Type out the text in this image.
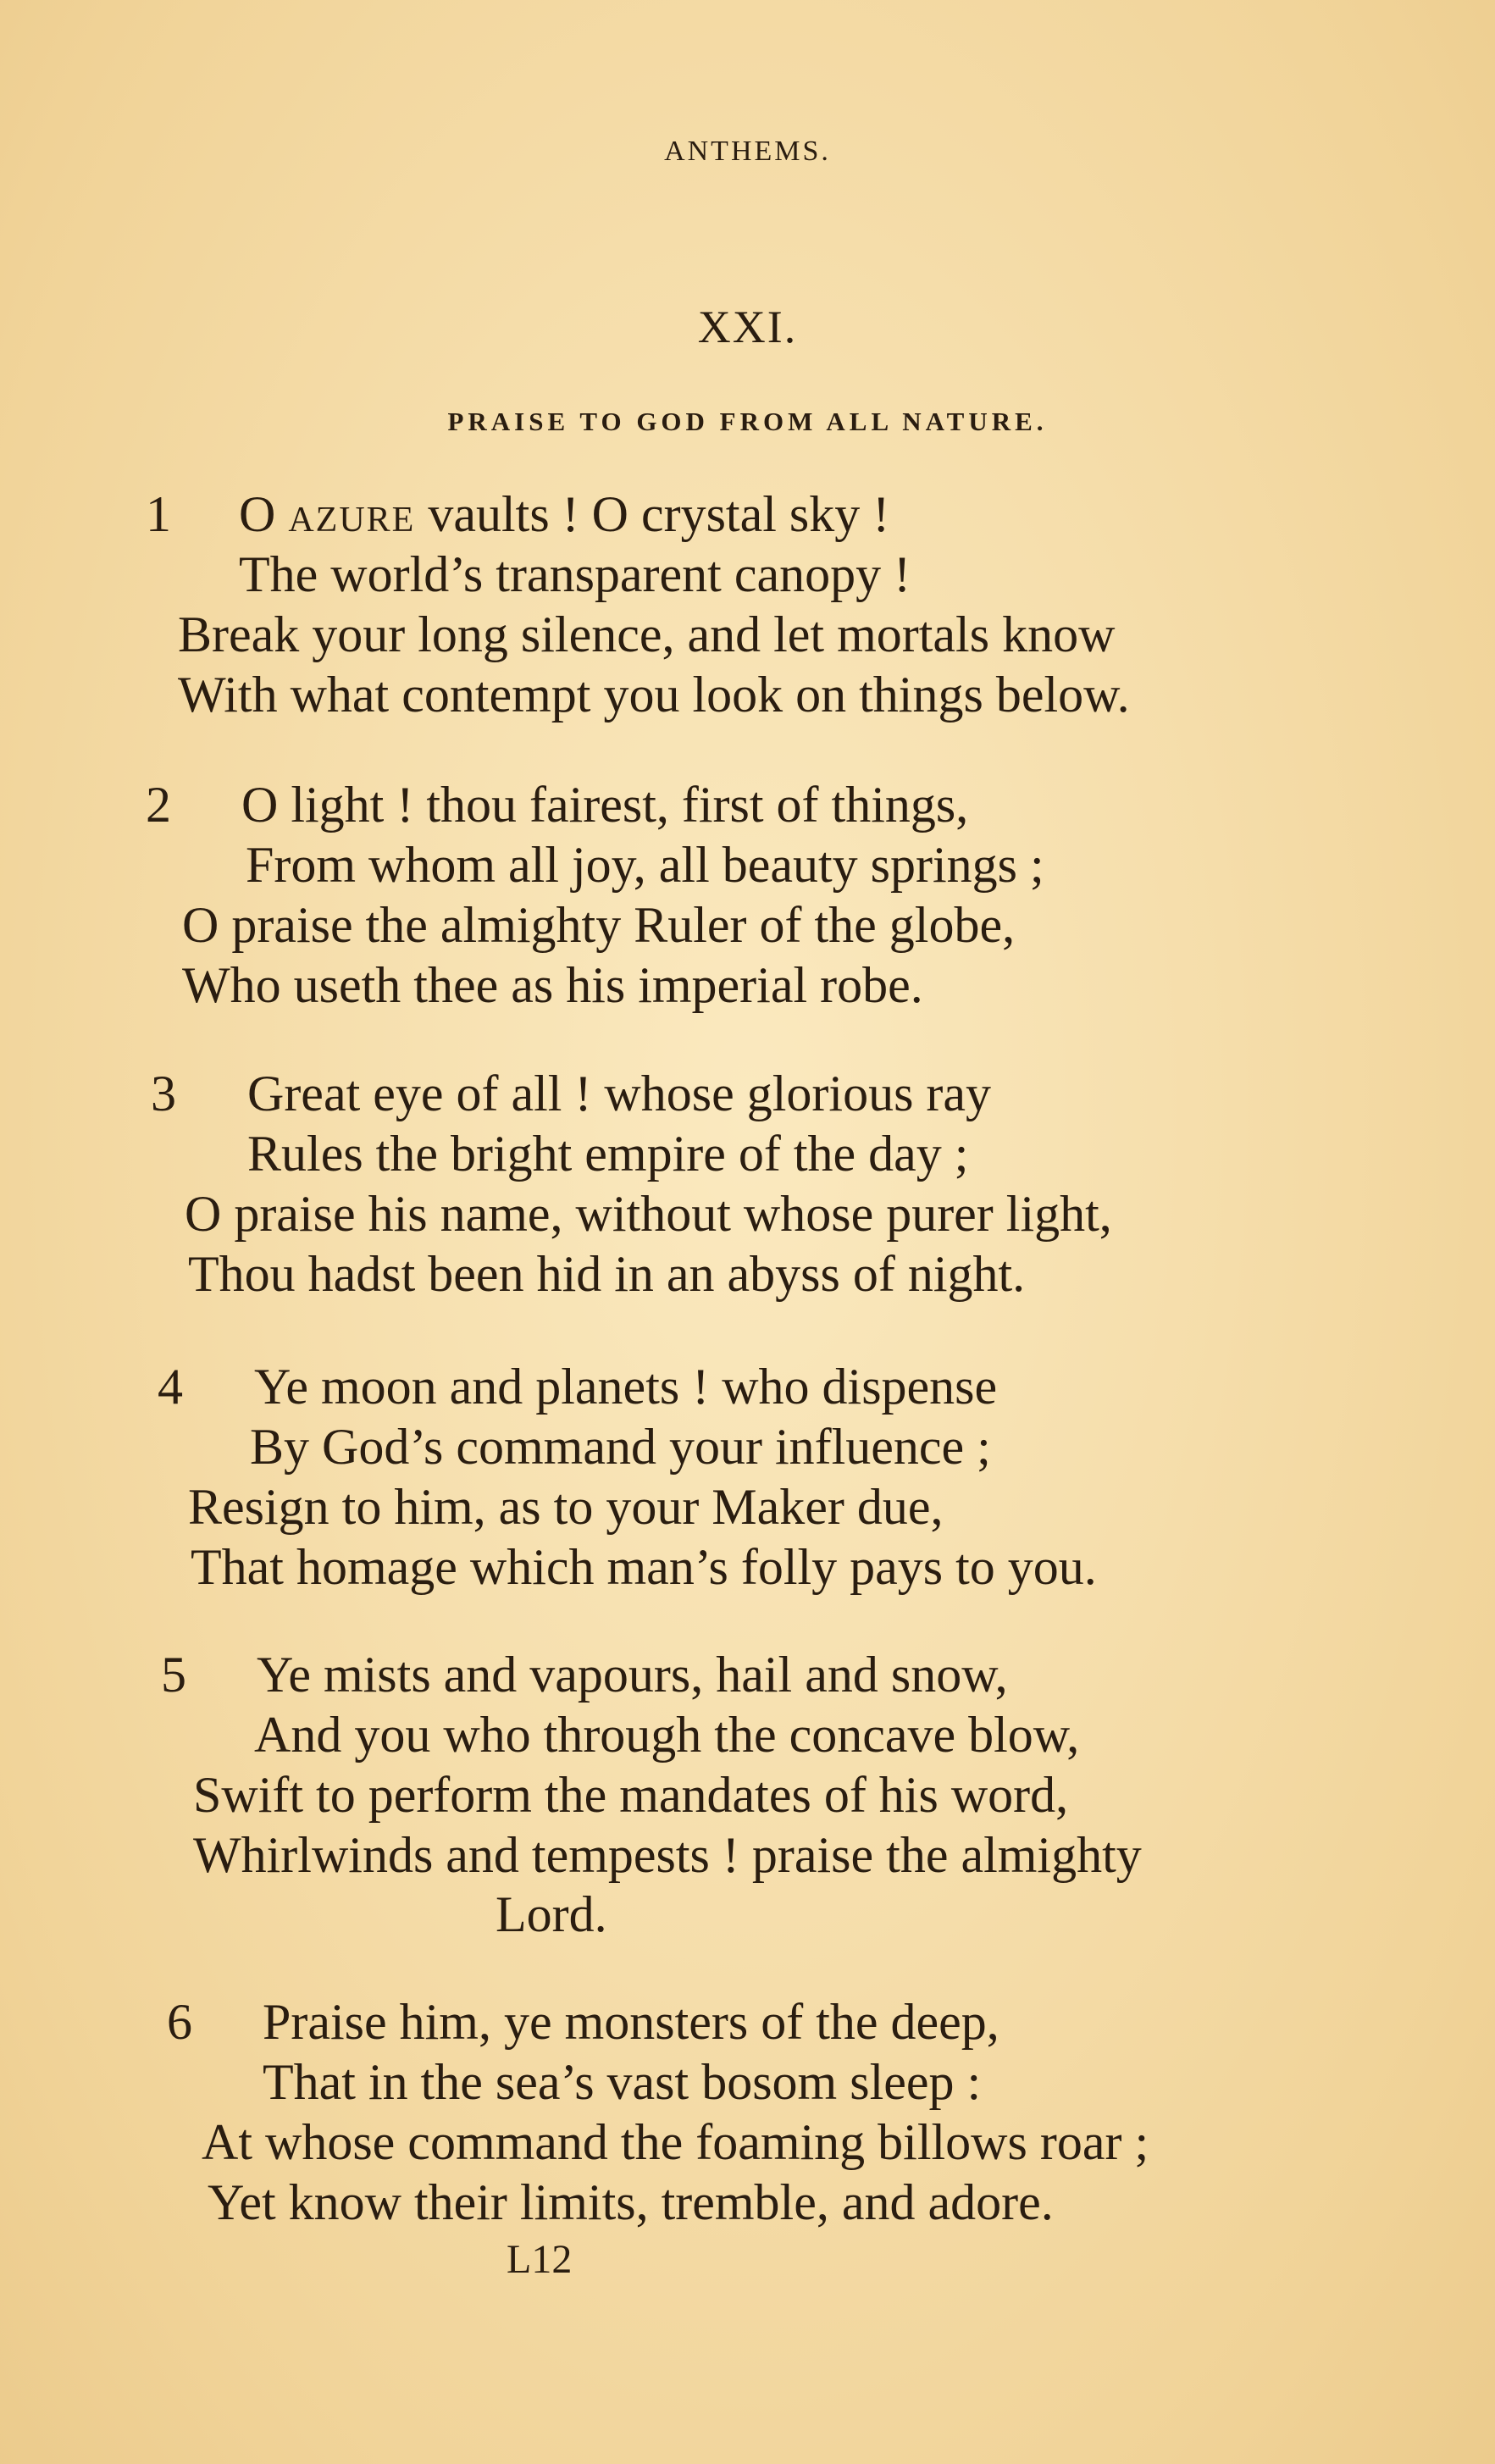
ANTHEMS.
XXI.
PRAISE TO GOD FROM ALL NATURE.
1 O azure vaults ! O crystal sky !
The world’s transparent canopy !
Break your long silence, and let mortals know
With what contempt you look on things below.
2 O light ! thou fairest, first of things,
From whom all joy, all beauty springs ;
O praise the almighty Ruler of the globe,
Who useth thee as his imperial robe.
3 Great eye of all ! whose glorious ray
Rules the bright empire of the day ;
O praise his name, without whose purer light,
Thou hadst been hid in an abyss of night.
4 Ye moon and planets ! who dispense
By God’s command your influence ;
Resign to him, as to your Maker due,
That homage which man’s folly pays to you.
5 Ye mists and vapours, hail and snow,
And you who through the concave blow,
Swift to perform the mandates of his word,
Whirlwinds and tempests ! praise the almighty
Lord.
6 Praise him, ye monsters of the deep,
That in the sea’s vast bosom sleep :
At whose command the foaming billows roar ;
Yet know their limits, tremble, and adore.
L12
